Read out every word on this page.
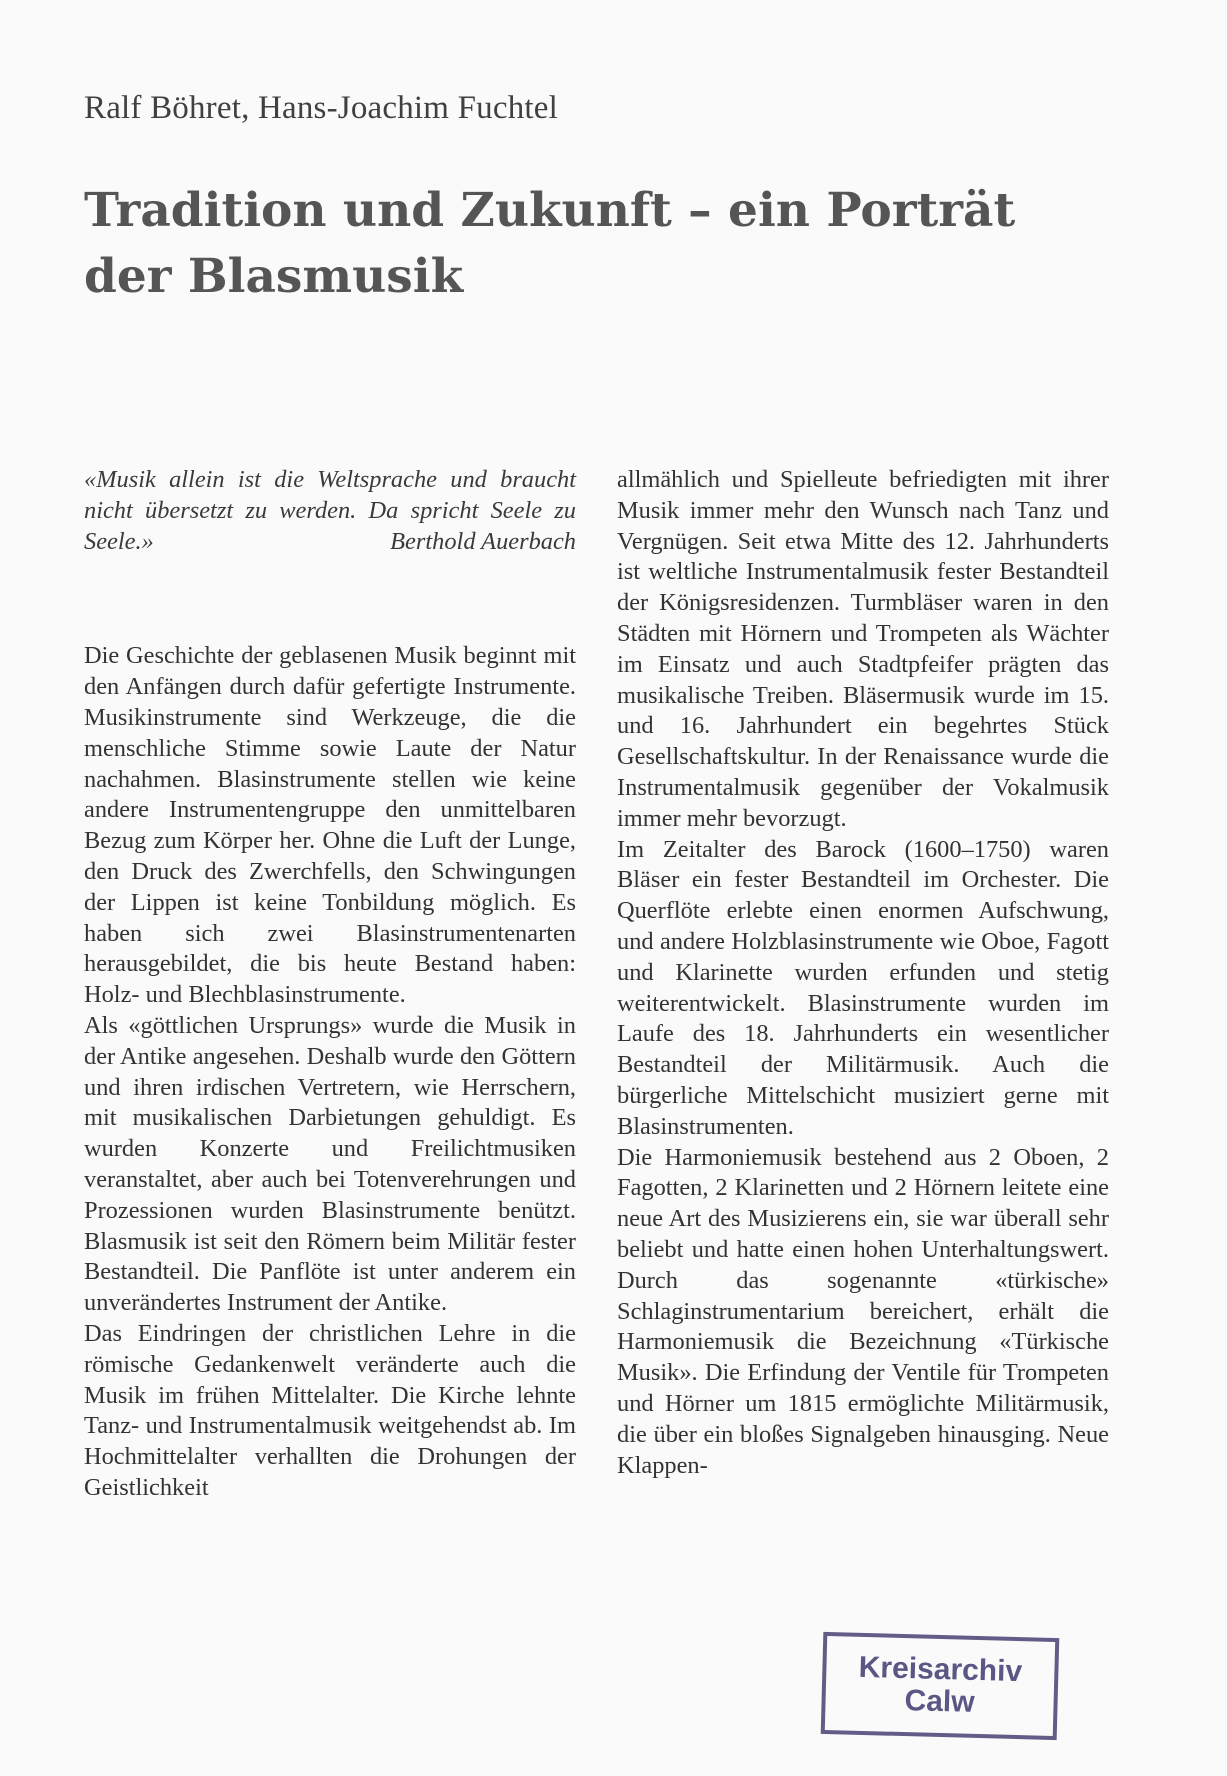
Ralf Böhret, Hans-Joachim Fuchtel
Tradition und Zukunft – ein Porträt
der Blasmusik

«Musik allein ist die Weltsprache und braucht nicht übersetzt zu werden. Da spricht Seele zu Seele.»	Berthold Auerbach

Die Geschichte der geblasenen Musik beginnt mit den Anfängen durch dafür gefertigte Instrumente. Musikinstrumente sind Werkzeuge, die die menschliche Stimme sowie Laute der Natur nachahmen. Blasinstrumente stellen wie keine andere Instrumentengruppe den unmittelbaren Bezug zum Körper her. Ohne die Luft der Lunge, den Druck des Zwerchfells, den Schwingungen der Lippen ist keine Tonbildung möglich. Es haben sich zwei Blasinstrumentenarten herausgebildet, die bis heute Bestand haben: Holz- und Blechblasinstrumente.

Als «göttlichen Ursprungs» wurde die Musik in der Antike angesehen. Deshalb wurde den Göttern und ihren irdischen Vertretern, wie Herrschern, mit musikalischen Darbietungen gehuldigt. Es wurden Konzerte und Freilichtmusiken veranstaltet, aber auch bei Totenverehrungen und Prozessionen wurden Blasinstrumente benützt. Blasmusik ist seit den Römern beim Militär fester Bestandteil. Die Panflöte ist unter anderem ein unverändertes Instrument der Antike.

Das Eindringen der christlichen Lehre in die römische Gedankenwelt veränderte auch die Musik im frühen Mittelalter. Die Kirche lehnte Tanz- und Instrumentalmusik weitgehendst ab. Im Hochmittelalter verhallten die Drohungen der Geistlichkeit

allmählich und Spielleute befriedigten mit ihrer Musik immer mehr den Wunsch nach Tanz und Vergnügen. Seit etwa Mitte des 12. Jahrhunderts ist weltliche Instrumentalmusik fester Bestandteil der Königsresidenzen. Turmbläser waren in den Städten mit Hörnern und Trompeten als Wächter im Einsatz und auch Stadtpfeifer prägten das musikalische Treiben. Bläsermusik wurde im 15. und 16. Jahrhundert ein begehrtes Stück Gesellschaftskultur. In der Renaissance wurde die Instrumentalmusik gegenüber der Vokalmusik immer mehr bevorzugt.

Im Zeitalter des Barock (1600–1750) waren Bläser ein fester Bestandteil im Orchester. Die Querflöte erlebte einen enormen Aufschwung, und andere Holzblasinstrumente wie Oboe, Fagott und Klarinette wurden erfunden und stetig weiterentwickelt. Blasinstrumente wurden im Laufe des 18. Jahrhunderts ein wesentlicher Bestandteil der Militärmusik. Auch die bürgerliche Mittelschicht musiziert gerne mit Blasinstrumenten.

Die Harmoniemusik bestehend aus 2 Oboen, 2 Fagotten, 2 Klarinetten und 2 Hörnern leitete eine neue Art des Musizierens ein, sie war überall sehr beliebt und hatte einen hohen Unterhaltungswert. Durch das sogenannte «türkische» Schlaginstrumentarium bereichert, erhält die Harmoniemusik die Bezeichnung «Türkische Musik». Die Erfindung der Ventile für Trompeten und Hörner um 1815 ermöglichte Militärmusik, die über ein bloßes Signalgeben hinausging. Neue Klappen-

Kreisarchiv
Calw
